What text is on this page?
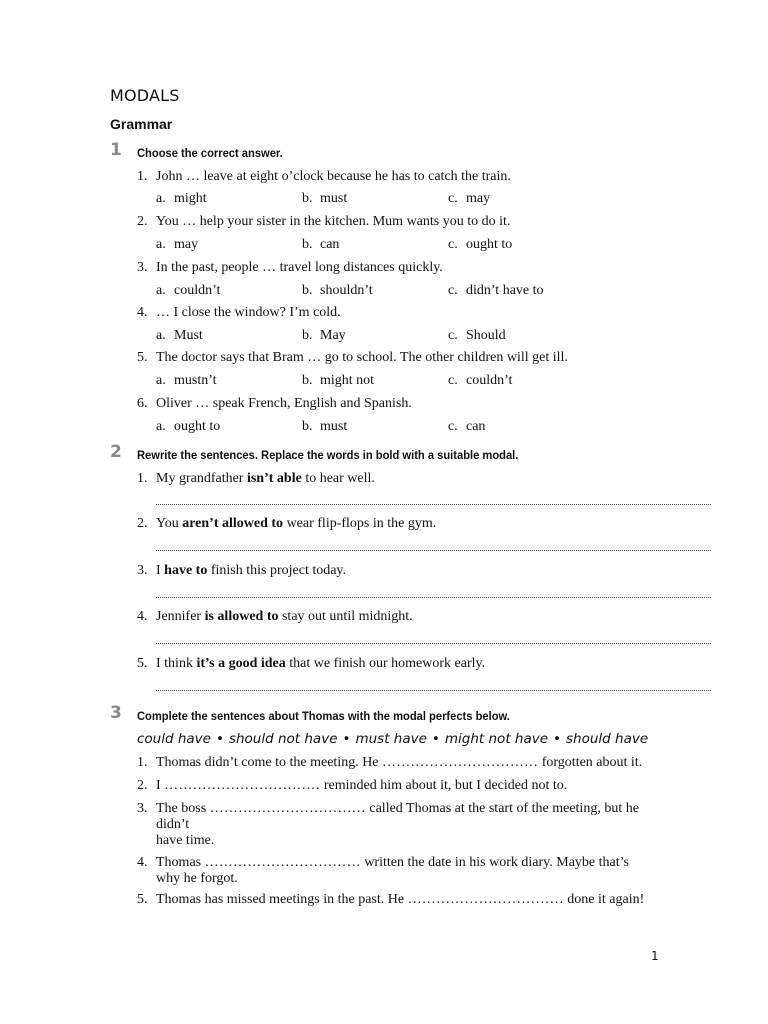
MODALS
Grammar
1 Choose the correct answer.
1. John … leave at eight o’clock because he has to catch the train.
a. might	b. must	c. may
2. You … help your sister in the kitchen. Mum wants you to do it.
a. may	b. can	c. ought to
3. In the past, people … travel long distances quickly.
a. couldn’t	b. shouldn’t	c. didn’t have to
4. … I close the window? I’m cold.
a. Must	b. May	c. Should
5. The doctor says that Bram … go to school. The other children will get ill.
a. mustn’t	b. might not	c. couldn’t
6. Oliver … speak French, English and Spanish.
a. ought to	b. must	c. can
2 Rewrite the sentences. Replace the words in bold with a suitable modal.
1. My grandfather isn’t able to hear well.
2. You aren’t allowed to wear flip-flops in the gym.
3. I have to finish this project today.
4. Jennifer is allowed to stay out until midnight.
5. I think it’s a good idea that we finish our homework early.
3 Complete the sentences about Thomas with the modal perfects below.
could have • should not have • must have • might not have • should have
1. Thomas didn’t come to the meeting. He …………………………… forgotten about it.
2. I …………………………… reminded him about it, but I decided not to.
3. The boss …………………………… called Thomas at the start of the meeting, but he
didn’t
have time.
4. Thomas …………………………… written the date in his work diary. Maybe that’s
why he forgot.
5. Thomas has missed meetings in the past. He …………………………… done it again!
1
